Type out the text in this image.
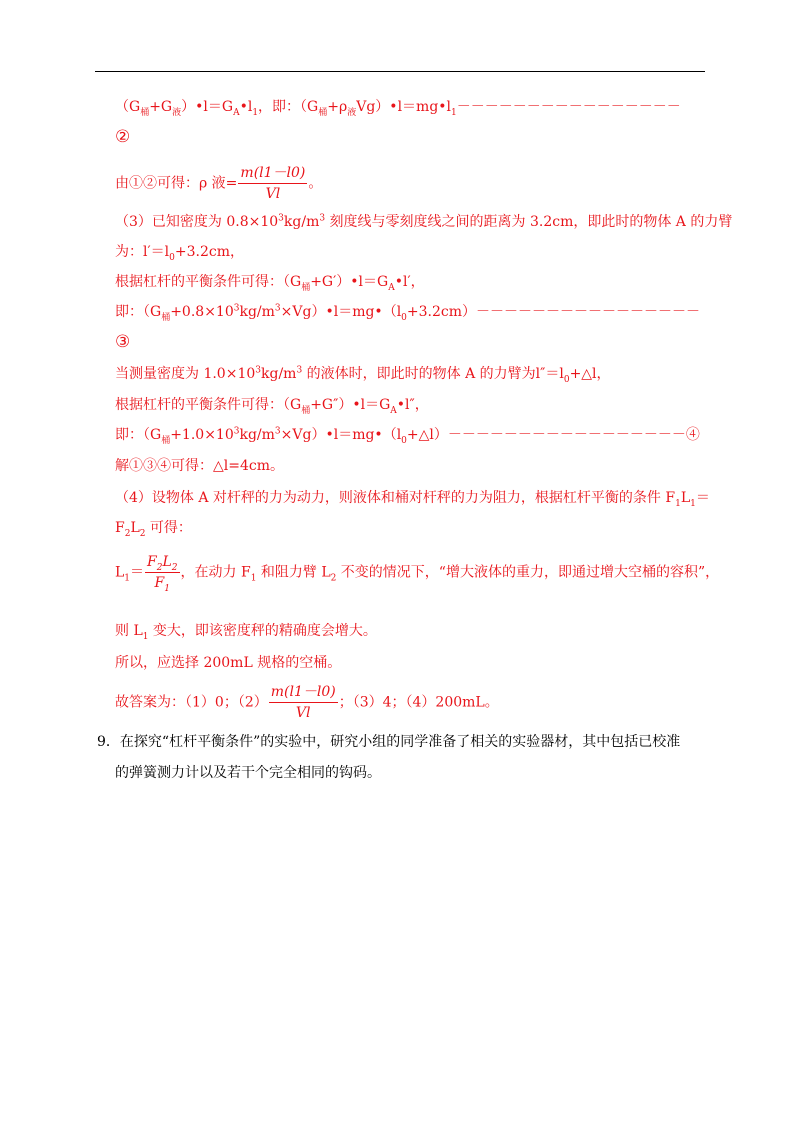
$(G_桶+G_液)•l=G_A•l_1$，即：$(G_桶+\rho_液Vg)•l=mg•l_1----------------$
②
由①②可得：ρ 液= $\frac{m(l1-l0)}{Vl}$ 。
（3）已知密度为 $0.8\times 10^3kg/m^3$ 刻度线与零刻度线之间的距离为 3.2cm，即此时的物体 A 的力臂
为：$l'=l_0+3.2cm$，
根据杠杆的平衡条件可得：$(G_桶+G')•l=G_A•l'$，
即：$(G_桶+0.8\times 10^3kg/m^3\times Vg)•l=mg•(l_0+3.2cm)----------------$
③
当测量密度为 $1.0\times 10^3kg/m^3$ 的液体时，即此时的物体 A 的力臂为$l''=l_0+\triangle l$，
根据杠杆的平衡条件可得：$(G_桶+G'')•l=G_A•l''$，
即：$(G_桶+1.0\times 10^3kg/m^3\times Vg)•l=mg•(l_0+\triangle l)-----------------④$
解①③④可得：△l=4cm。
（4）设物体 A 对杆秤的力为动力，则液体和桶对杆秤的力为阻力，根据杠杆平衡的条件 $F_1L_1=$
$F_2L_2$ 可得：
$L_1= \frac{F_2L_2}{F_1}$ ，在动力 $F_1$ 和阻力臂 $L_2$ 不变的情况下，“增大液体的重力，即通过增大空桶的容积”，
则 $L_1$ 变大，即该密度秤的精确度会增大。
所以，应选择 200mL 规格的空桶。
故答案为：（1）0；$(2) \frac{m(l1-l0)}{Vl}$ ；（3）4；（4）200mL。
9．在探究“杠杆平衡条件”的实验中，研究小组的同学准备了相关的实验器材，其中包括已校准
的弹簧测力计以及若干个完全相同的钩码。
